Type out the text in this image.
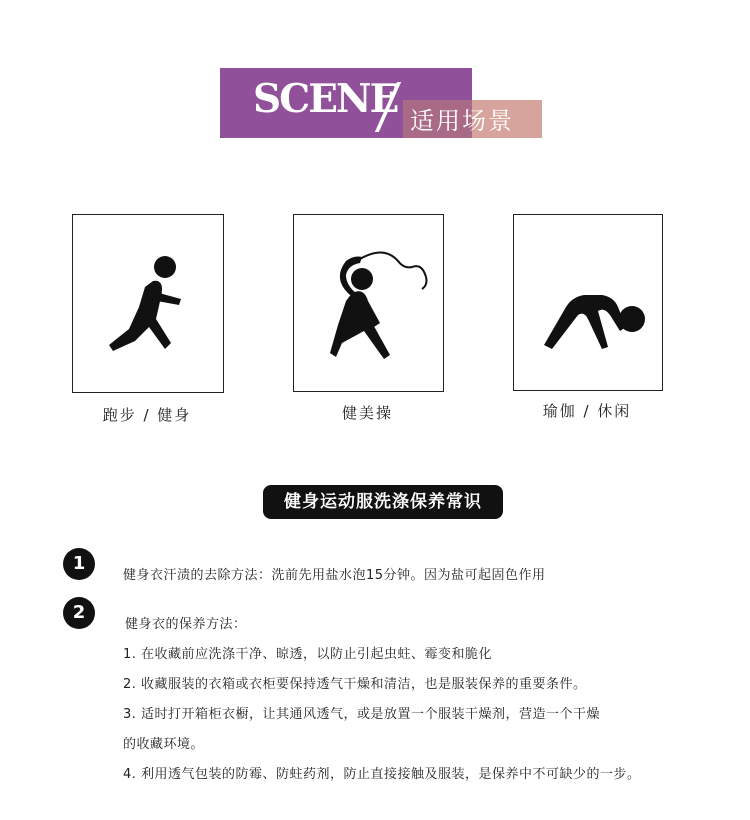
SCENE 适用场景
跑步 / 健身	健美操	瑜伽 / 休闲
健身运动服洗涤保养常识
1
健身衣汗渍的去除方法：洗前先用盐水泡15分钟。因为盐可起固色作用
2
健身衣的保养方法：
1. 在收藏前应洗涤干净、晾透，以防止引起虫蛀、霉变和脆化
2. 收藏服装的衣箱或衣柜要保持透气干燥和清洁，也是服装保养的重要条件。
3. 适时打开箱柜衣橱，让其通风透气，或是放置一个服装干燥剂，营造一个干燥
的收藏环境。
4. 利用透气包装的防霉、防蛀药剂，防止直接接触及服装，是保养中不可缺少的一步。
